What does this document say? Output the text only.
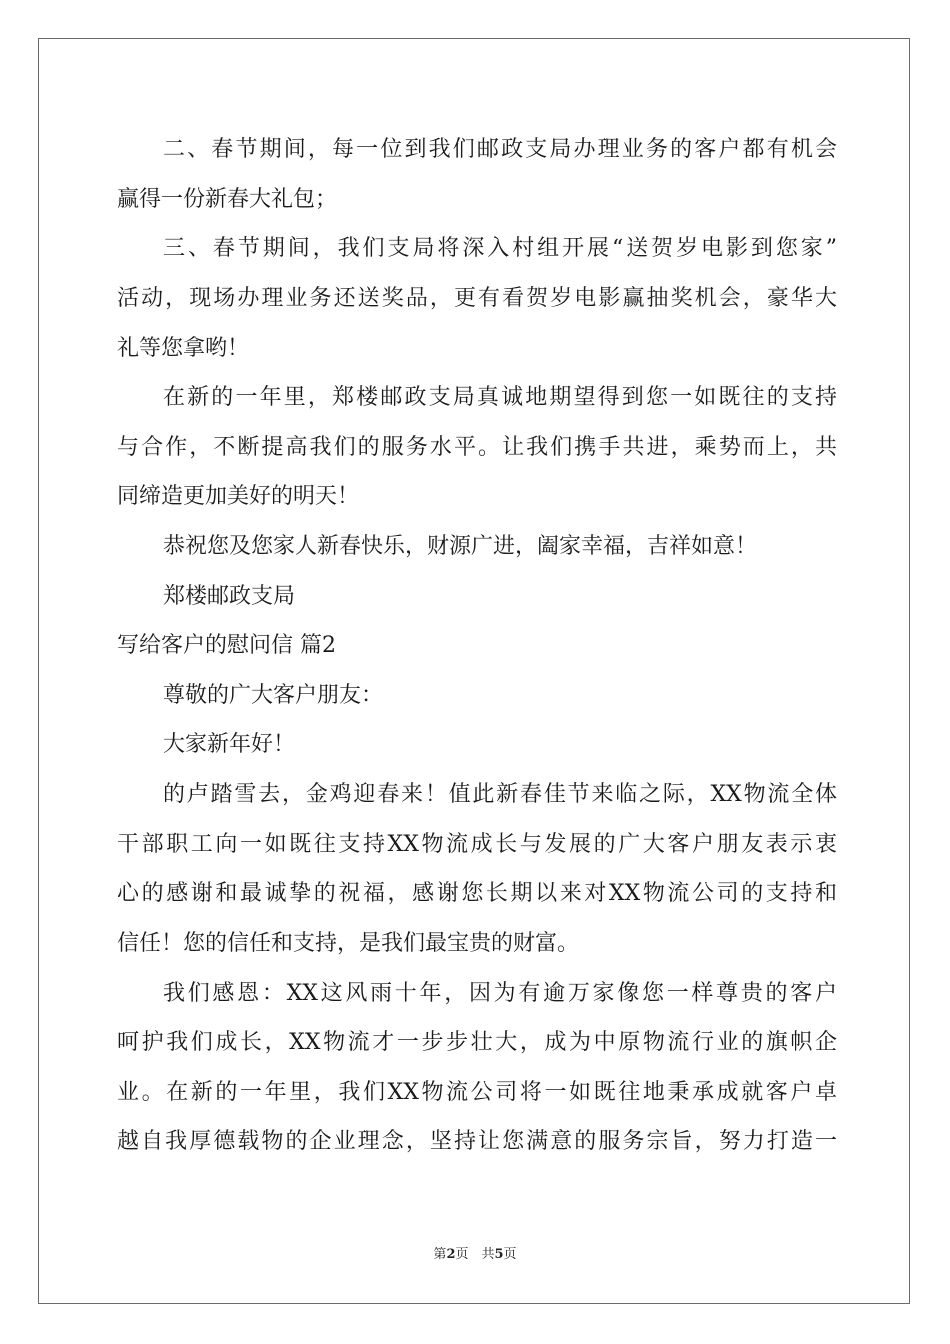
二、春节期间，每一位到我们邮政支局办理业务的客户都有机会
赢得一份新春大礼包；
三、春节期间，我们支局将深入村组开展“送贺岁电影到您家”
活动，现场办理业务还送奖品，更有看贺岁电影赢抽奖机会，豪华大
礼等您拿哟！
在新的一年里，郑楼邮政支局真诚地期望得到您一如既往的支持
与合作，不断提高我们的服务水平。让我们携手共进，乘势而上，共
同缔造更加美好的明天！
恭祝您及您家人新春快乐，财源广进，阖家幸福，吉祥如意！
郑楼邮政支局
写给客户的慰问信 篇2
尊敬的广大客户朋友：
大家新年好！
的卢踏雪去，金鸡迎春来！值此新春佳节来临之际，XX物流全体
干部职工向一如既往支持XX物流成长与发展的广大客户朋友表示衷
心的感谢和最诚挚的祝福，感谢您长期以来对XX物流公司的支持和
信任！您的信任和支持，是我们最宝贵的财富。
我们感恩：XX这风雨十年，因为有逾万家像您一样尊贵的客户
呵护我们成长，XX物流才一步步壮大，成为中原物流行业的旗帜企
业。在新的一年里，我们XX物流公司将一如既往地秉承成就客户卓
越自我厚德载物的企业理念，坚持让您满意的服务宗旨，努力打造一
第2页　共5页
